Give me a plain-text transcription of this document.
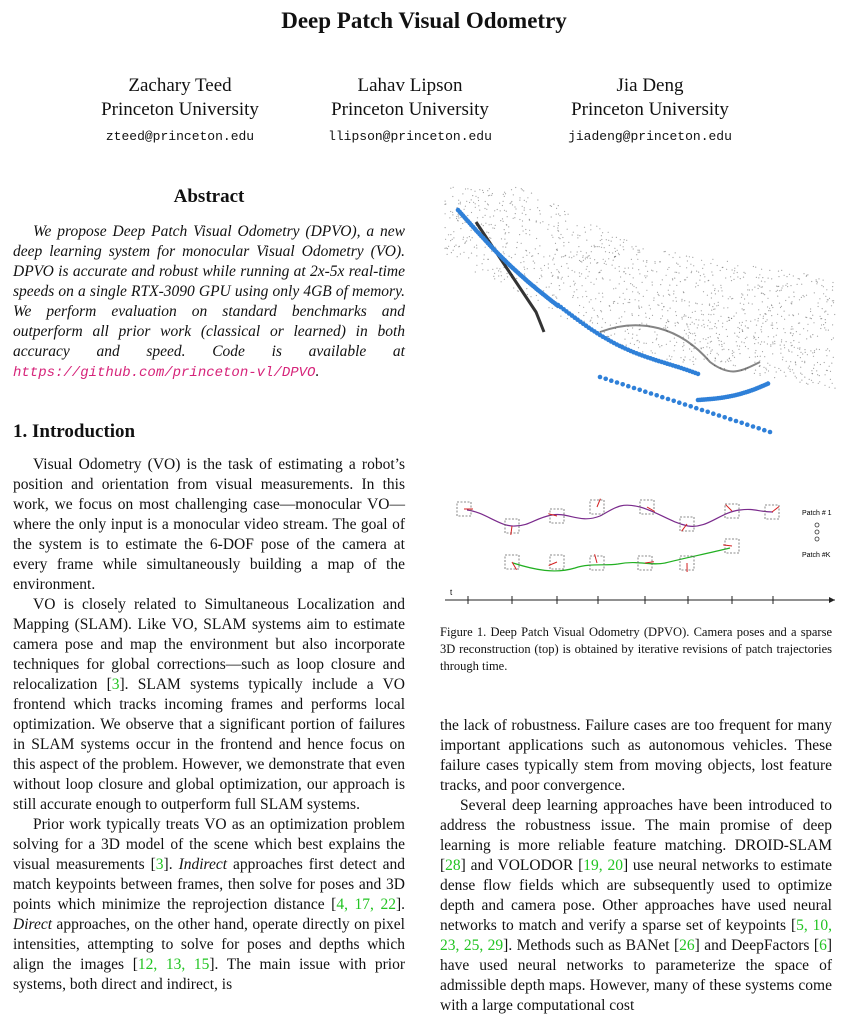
Deep Patch Visual Odometry
Zachary Teed
Princeton University
zteed@princeton.edu
Lahav Lipson
Princeton University
llipson@princeton.edu
Jia Deng
Princeton University
jiadeng@princeton.edu
Abstract

We propose Deep Patch Visual Odometry (DPVO), a new deep learning system for monocular Visual Odometry (VO). DPVO is accurate and robust while running at 2x-5x real-time speeds on a single RTX-3090 GPU using only 4GB of memory. We perform evaluation on standard benchmarks and outperform all prior work (classical or learned) in both accuracy and speed. Code is available at https://github.com/princeton-vl/DPVO.

1. Introduction

Visual Odometry (VO) is the task of estimating a robot’s position and orientation from visual measurements. In this work, we focus on most challenging case—monocular VO—where the only input is a monocular video stream. The goal of the system is to estimate the 6-DOF pose of the camera at every frame while simultaneously building a map of the environment.

VO is closely related to Simultaneous Localization and Mapping (SLAM). Like VO, SLAM systems aim to estimate camera pose and map the environment but also incorporate techniques for global corrections—such as loop closure and relocalization [3]. SLAM systems typically include a VO frontend which tracks incoming frames and performs local optimization. We observe that a significant portion of failures in SLAM systems occur in the frontend and hence focus on this aspect of the problem. However, we demonstrate that even without loop closure and global optimization, our approach is still accurate enough to outperform full SLAM systems.

Prior work typically treats VO as an optimization problem solving for a 3D model of the scene which best explains the visual measurements [3]. Indirect approaches first detect and match keypoints between frames, then solve for poses and 3D points which minimize the reprojection distance [4, 17, 22]. Direct approaches, on the other hand, operate directly on pixel intensities, attempting to solve for poses and depths which align the images [12, 13, 15]. The main issue with prior systems, both direct and indirect, is

Patch # 1
Patch #K
t
Figure 1. Deep Patch Visual Odometry (DPVO). Camera poses and a sparse 3D reconstruction (top) is obtained by iterative revisions of patch trajectories through time.

the lack of robustness. Failure cases are too frequent for many important applications such as autonomous vehicles. These failure cases typically stem from moving objects, lost feature tracks, and poor convergence.

Several deep learning approaches have been introduced to address the robustness issue. The main promise of deep learning is more reliable feature matching. DROID-SLAM [28] and VOLODOR [19, 20] use neural networks to estimate dense flow fields which are subsequently used to optimize depth and camera pose. Other approaches have used neural networks to match and verify a sparse set of keypoints [5, 10, 23, 25, 29]. Methods such as BANet [26] and DeepFactors [6] have used neural networks to parameterize the space of admissible depth maps. However, many of these systems come with a large computational cost
